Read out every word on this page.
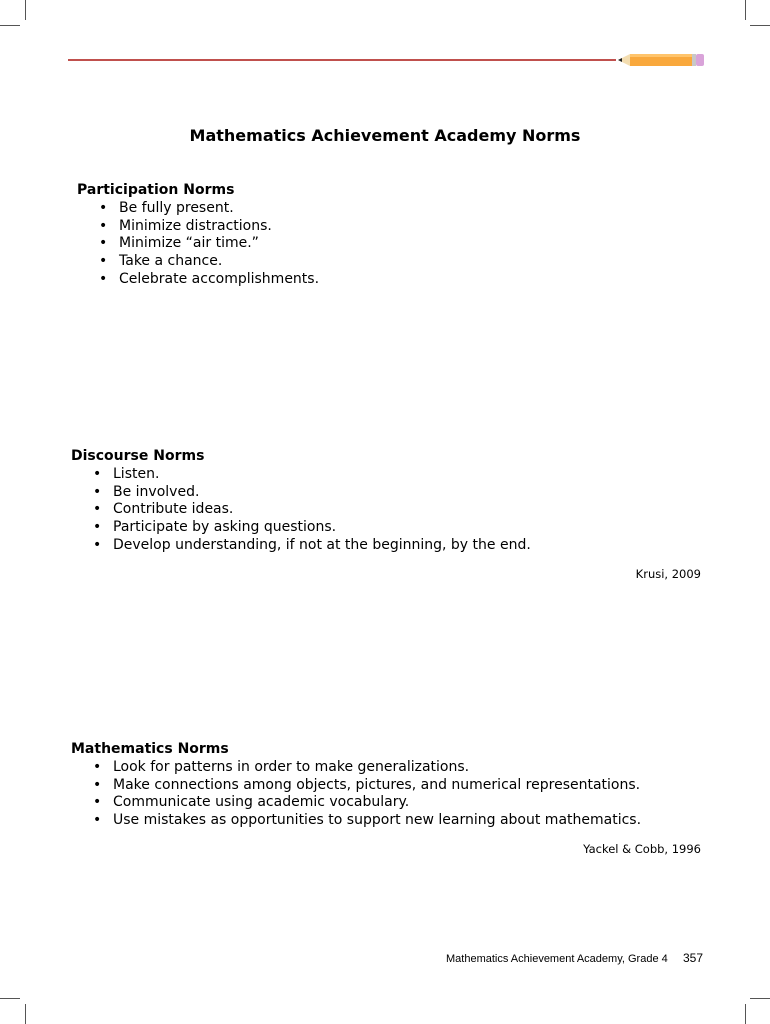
Mathematics Achievement Academy Norms
Participation Norms
• Be fully present.
• Minimize distractions.
• Minimize “air time.”
• Take a chance.
• Celebrate accomplishments.
Discourse Norms
• Listen.
• Be involved.
• Contribute ideas.
• Participate by asking questions.
• Develop understanding, if not at the beginning, by the end.
Krusi, 2009
Mathematics Norms
• Look for patterns in order to make generalizations.
• Make connections among objects, pictures, and numerical representations.
• Communicate using academic vocabulary.
• Use mistakes as opportunities to support new learning about mathematics.
Yackel & Cobb, 1996
Mathematics Achievement Academy, Grade 4 357
